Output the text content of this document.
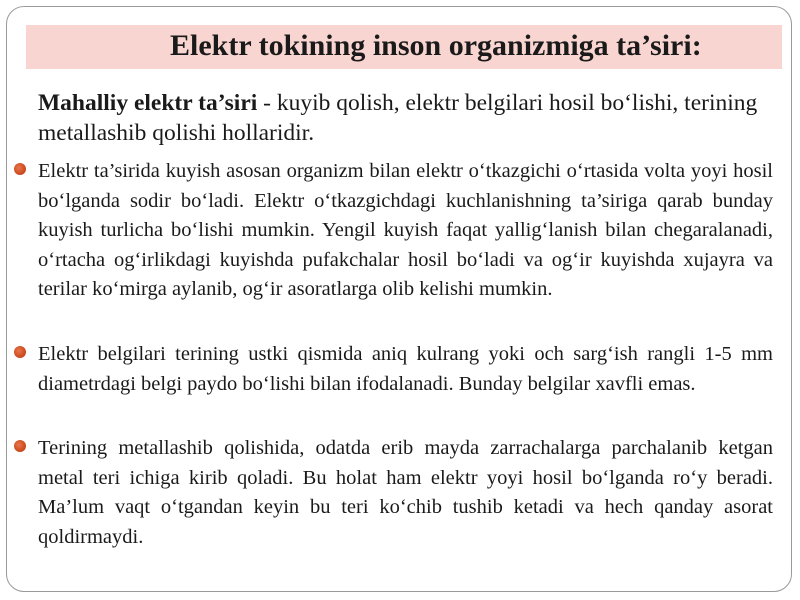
Elektr tokining inson organizmiga ta’siri:
Mahalliy elektr ta’siri - kuyib qolish, elektr belgilari hosil bo‘lishi, terining metallashib qolishi hollaridir.
Elektr ta’sirida kuyish asosan organizm bilan elektr o‘tkazgichi o‘rtasida volta yoyi hosil bo‘lganda sodir bo‘ladi. Elektr o‘tkazgichdagi kuchlanishning ta’siriga qarab bunday kuyish turlicha bo‘lishi mumkin. Yengil kuyish faqat yallig‘lanish bilan chegaralanadi, o‘rtacha og‘irlikdagi kuyishda pufakchalar hosil bo‘ladi va og‘ir kuyishda xujayra va terilar ko‘mirga aylanib, og‘ir asoratlarga olib kelishi mumkin.
Elektr belgilari terining ustki qismida aniq kulrang yoki och sarg‘ish rangli 1-5 mm diametrdagi belgi paydo bo‘lishi bilan ifodalanadi. Bunday belgilar xavfli emas.
Terining metallashib qolishida, odatda erib mayda zarrachalarga parchalanib ketgan metal teri ichiga kirib qoladi. Bu holat ham elektr yoyi hosil bo‘lganda ro‘y beradi. Ma’lum vaqt o‘tgandan keyin bu teri ko‘chib tushib ketadi va hech qanday asorat qoldirmaydi.
